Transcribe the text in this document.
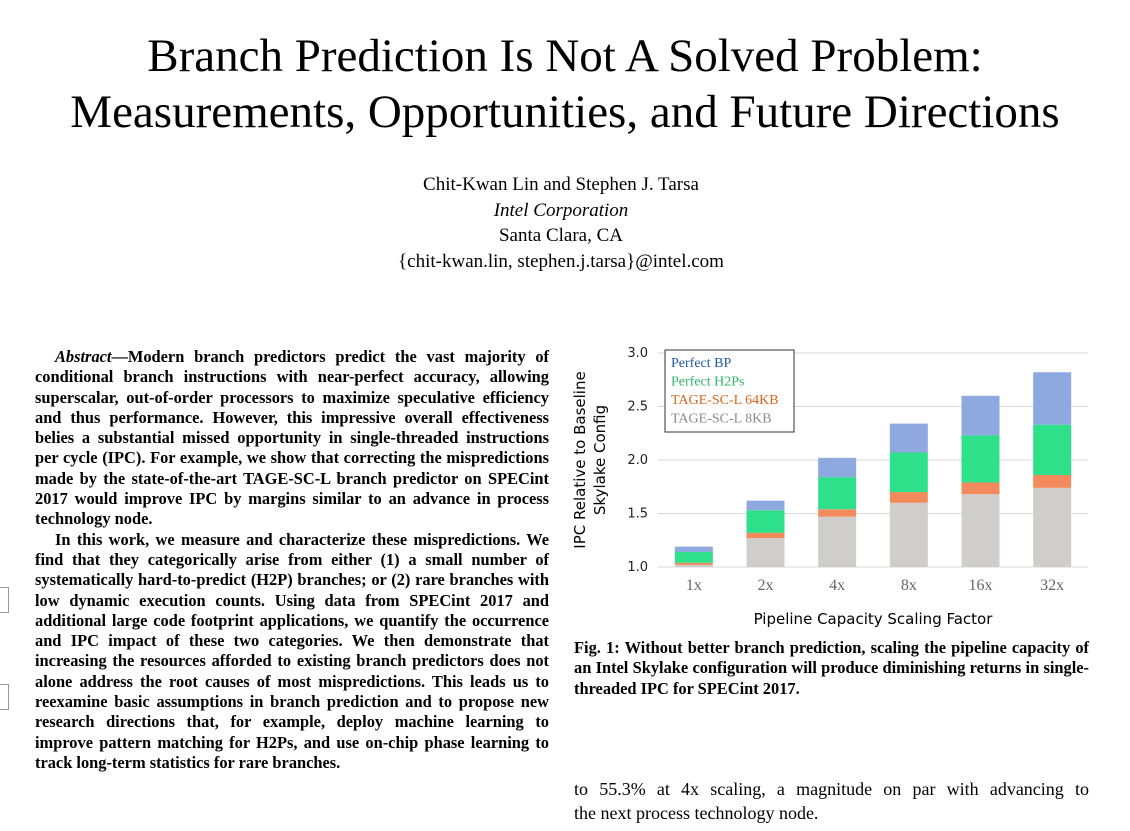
Branch Prediction Is Not A Solved Problem:
Measurements, Opportunities, and Future Directions
Chit-Kwan Lin and Stephen J. Tarsa
Intel Corporation
Santa Clara, CA
{chit-kwan.lin, stephen.j.tarsa}@intel.com

Abstract—Modern branch predictors predict the vast majority of conditional branch instructions with near-perfect accuracy, allowing superscalar, out-of-order processors to maximize speculative efficiency and thus performance. However, this impressive overall effectiveness belies a substantial missed opportunity in single-threaded instructions per cycle (IPC). For example, we show that correcting the mispredictions made by the state-of-the-art TAGE-SC-L branch predictor on SPECint 2017 would improve IPC by margins similar to an advance in process technology node.

In this work, we measure and characterize these mispredictions. We find that they categorically arise from either (1) a small number of systematically hard-to-predict (H2P) branches; or (2) rare branches with low dynamic execution counts. Using data from SPECint 2017 and additional large code footprint applications, we quantify the occurrence and IPC impact of these two categories. We then demonstrate that increasing the resources afforded to existing branch predictors does not alone address the root causes of most mispredictions. This leads us to reexamine basic assumptions in branch prediction and to propose new research directions that, for example, deploy machine learning to improve pattern matching for H2Ps, and use on-chip phase learning to track long-term statistics for rare branches.

1.0
1.5
2.0
2.5
3.0
1x	2x	4x	8x	16x	32x
Pipeline Capacity Scaling Factor
IPC Relative to Baseline Skylake Config
Perfect BP
Perfect H2Ps
TAGE-SC-L 64KB
TAGE-SC-L 8KB
Fig. 1: Without better branch prediction, scaling the pipeline capacity of an Intel Skylake configuration will produce diminishing returns in single-threaded IPC for SPECint 2017.
to 55.3% at 4x scaling, a magnitude on par with advancing to
the next process technology node.
